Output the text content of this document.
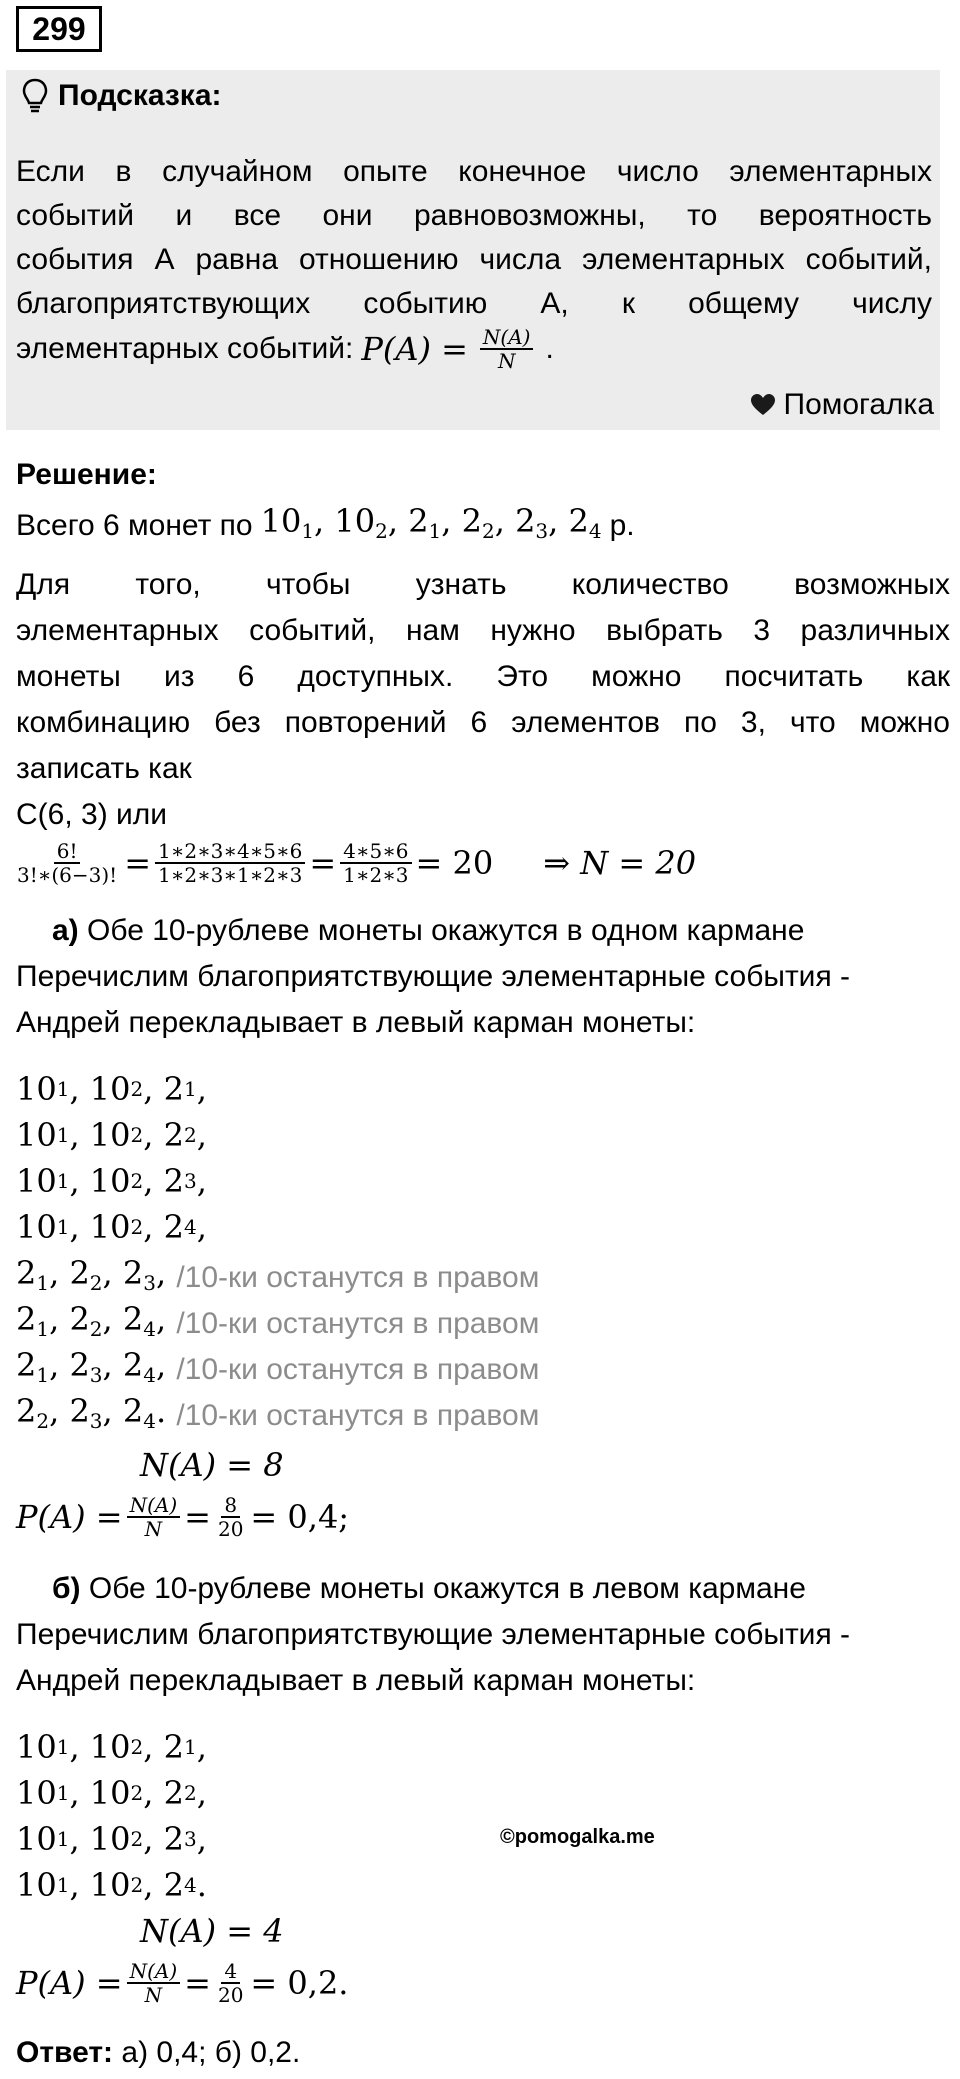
299
Подсказка:
Если в случайном опыте конечное число элементарных
событий и все они равновозможны, то вероятность
события А равна отношению числа элементарных событий,
благоприятствующих событию А, к общему числу
элементарных событий: $P(A) = \frac{N(A)}{N}$ .
Помогалка
Решение:
Всего 6 монет по $10_1$, $10_2$, $2_1$, $2_2$, $2_3$, $2_4$ р.
Для того, чтобы узнать количество возможных
элементарных событий, нам нужно выбрать 3 различных
монеты из 6 доступных. Это можно посчитать как
комбинацию без повторений 6 элементов по 3, что можно
записать как
C(6, 3) или
$\frac{6!}{3!∗(6-3)!} = \frac{1∗2∗3∗4∗5∗6}{1∗2∗3∗1∗2∗3} = \frac{4∗5∗6}{1∗2∗3} = 20$ ⇒ N = 20
а) Обе 10-рублеве монеты окажутся в одном кармане
Перечислим благоприятствующие элементарные события -
Андрей перекладывает в левый карман монеты:
10 1 , 10 2 , 2 1 ,
10 1 , 10 2 , 2 2 ,
10 1 , 10 2 , 2 3 ,
10 1 , 10 2 , 2 4 ,
$2_1$, $2_2$, $2_3$, /10-ки останутся в правом
$2_1$, $2_2$, $2_4$, /10-ки останутся в правом
$2_1$, $2_3$, $2_4$, /10-ки останутся в правом
$2_2$, $2_3$, $2_4$. /10-ки останутся в правом
N(A) = 8
$P(A) = \frac{N(A)}{N} = \frac{8}{20} = 0,4$;
б) Обе 10-рублеве монеты окажутся в левом кармане
Перечислим благоприятствующие элементарные события -
Андрей перекладывает в левый карман монеты:
10 1 , 10 2 , 2 1 ,
10 1 , 10 2 , 2 2 ,
10 1 , 10 2 , 2 3 ,
10 1 , 10 2 , 2 4 .
©pomogalka.me
N(A) = 4
$P(A) = \frac{N(A)}{N} = \frac{4}{20} = 0,2$.
Ответ: а) 0,4; б) 0,2.
